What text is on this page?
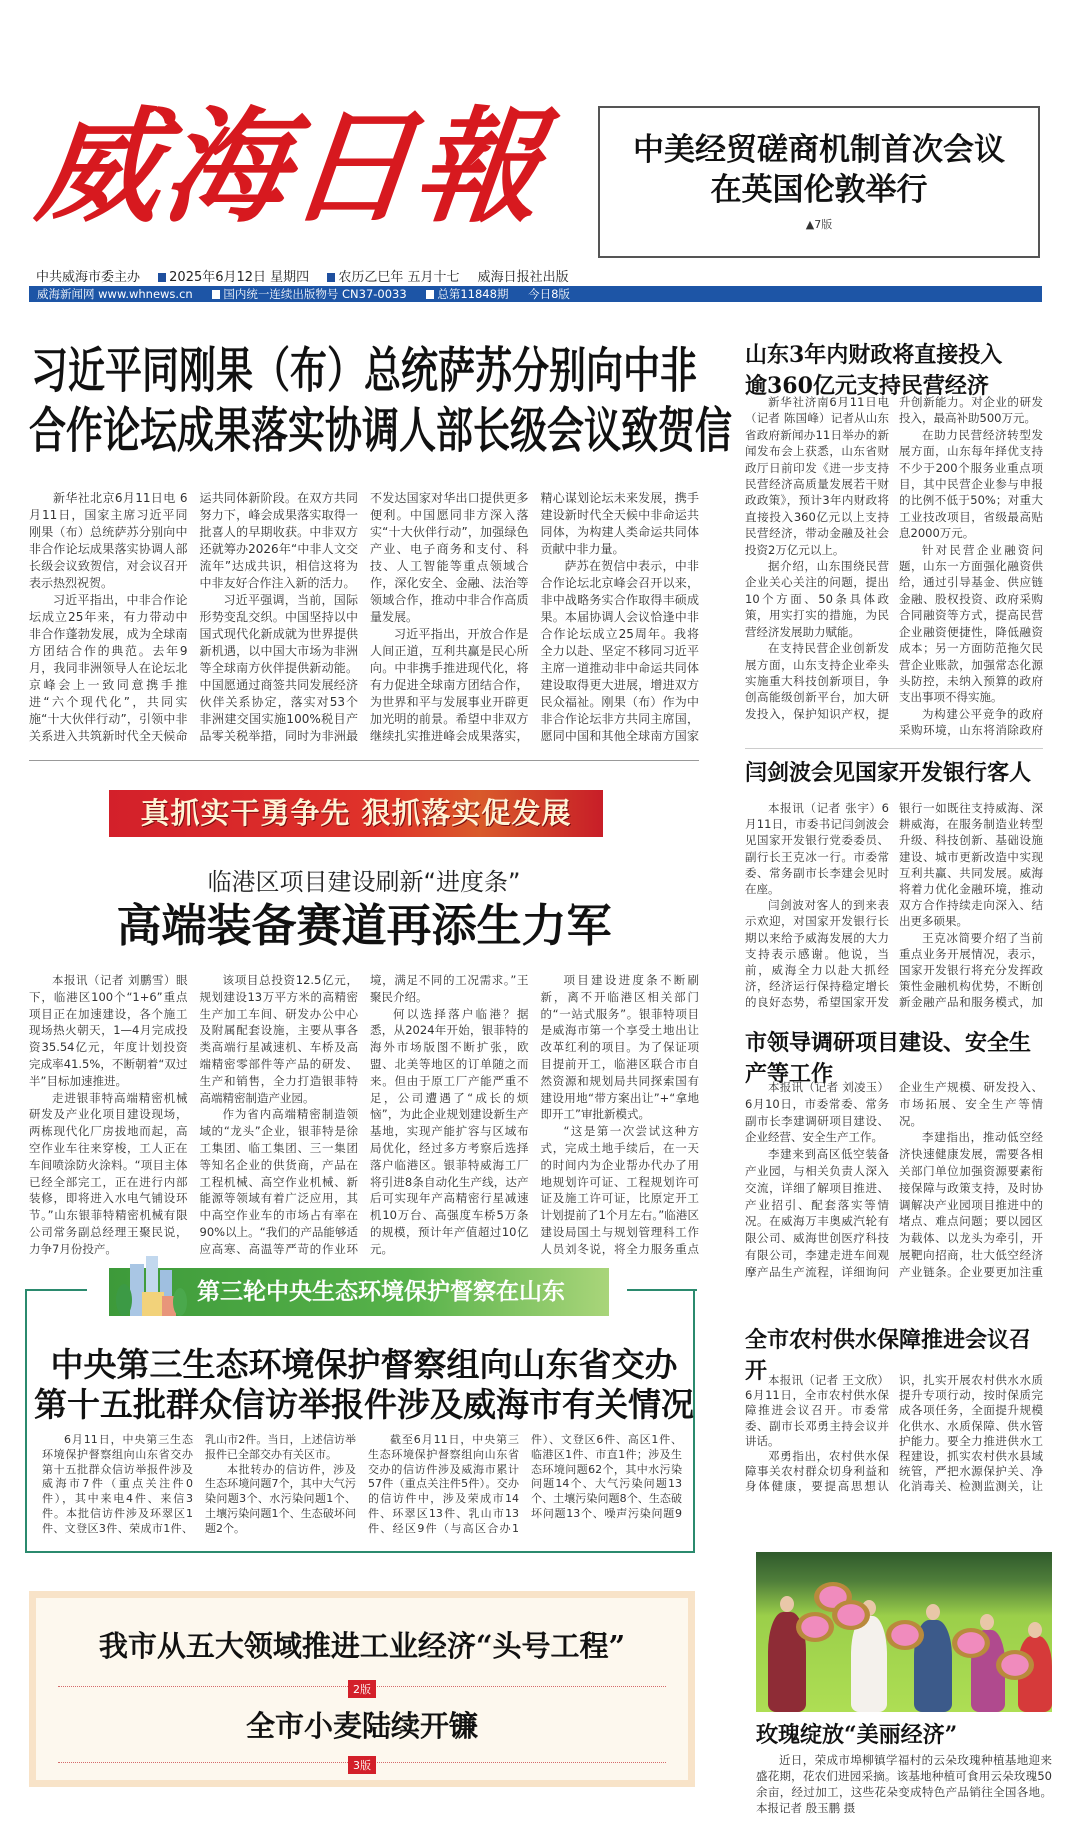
威海日報	中美经贸磋商机制首次会议
在英国伦敦举行
▲7版
中共威海市委主办 2025年6月12日 星期四 农历乙巳年 五月十七 威海日报社出版
威海新闻网 www.whnews.cn	国内统一连续出版物号 CN37-0033	总第11848期 今日8版
习近平同刚果（布）总统萨苏分别向中非
合作论坛成果落实协调人部长级会议致贺信

新华社北京6月11日电 6月11日，国家主席习近平同刚果（布）总统萨苏分别向中非合作论坛成果落实协调人部长级会议致贺信，对会议召开表示热烈祝贺。

习近平指出，中非合作论坛成立25年来，有力带动中非合作蓬勃发展，成为全球南方团结合作的典范。去年9月，我同非洲领导人在论坛北京峰会上一致同意携手推进“六个现代化”，共同实施“十大伙伴行动”，引领中非关系进入共筑新时代全天候命运共同体新阶段。在双方共同努力下，峰会成果落实取得一批喜人的早期收获。中非双方还就筹办2026年“中非人文交流年”达成共识，相信这将为中非友好合作注入新的活力。

习近平强调，当前，国际形势变乱交织。中国坚持以中国式现代化新成就为世界提供新机遇，以中国大市场为非洲等全球南方伙伴提供新动能。中国愿通过商签共同发展经济伙伴关系协定，落实对53个非洲建交国实施100%税目产品零关税举措，同时为非洲最不发达国家对华出口提供更多便利。中国愿同非方深入落实“十大伙伴行动”，加强绿色产业、电子商务和支付、科技、人工智能等重点领域合作，深化安全、金融、法治等领域合作，推动中非合作高质量发展。

习近平指出，开放合作是人间正道，互利共赢是民心所向。中非携手推进现代化，将有力促进全球南方团结合作，为世界和平与发展事业开辟更加光明的前景。希望中非双方继续扎实推进峰会成果落实，精心谋划论坛未来发展，携手建设新时代全天候中非命运共同体，为构建人类命运共同体贡献中非力量。

萨苏在贺信中表示，中非合作论坛北京峰会召开以来，非中战略务实合作取得丰硕成果。本届协调人会议恰逢中非合作论坛成立25周年。我将全力以赴、坚定不移同习近平主席一道推动非中命运共同体建设取得更大进展，增进双方民众福祉。刚果（布）作为中非合作论坛非方共同主席国，愿同中国和其他全球南方国家

真抓实干勇争先 狠抓落实促发展
临港区项目建设刷新“进度条”
高端装备赛道再添生力军

本报讯（记者 刘鹏雪）眼下，临港区100个“1+6”重点项目正在加速建设，各个施工现场热火朝天，1—4月完成投资35.54亿元，年度计划投资完成率41.5%，不断朝着“双过半”目标加速推进。

走进银菲特高端精密机械研发及产业化项目建设现场，两栋现代化厂房拔地而起，高空作业车往来穿梭，工人正在车间喷涂防火涂料。“项目主体已经全部完工，正在进行内部装修，即将进入水电气铺设环节。”山东银菲特精密机械有限公司常务副总经理王聚民说，力争7月份投产。

该项目总投资12.5亿元，规划建设13万平方米的高精密生产加工车间、研发办公中心及附属配套设施，主要从事各类高端行星减速机、车桥及高端精密零部件等产品的研发、生产和销售，全力打造银菲特高端精密制造产业园。

作为省内高端精密制造领域的“龙头”企业，银菲特是徐工集团、临工集团、三一集团等知名企业的供货商，产品在工程机械、高空作业机械、新能源等领域有着广泛应用，其中高空作业车的市场占有率在90%以上。“我们的产品能够适应高寒、高温等严苛的作业环境，满足不同的工况需求。”王聚民介绍。

何以选择落户临港？据悉，从2024年开始，银菲特的海外市场版图不断扩张，欧盟、北美等地区的订单随之而来。但由于原工厂产能严重不足，公司遭遇了“成长的烦恼”，为此企业规划建设新生产基地，实现产能扩容与区域布局优化，经过多方考察后选择落户临港区。银菲特威海工厂将引进8条自动化生产线，达产后可实现年产高精密行星减速机10万台、高强度车桥5万条的规模，预计年产值超过10亿元。

项目建设进度条不断刷新，离不开临港区相关部门的“一站式服务”。银菲特项目是威海市第一个享受土地出让改革红利的项目。为了保证项目提前开工，临港区联合市自然资源和规划局共同探索国有建设用地“带方案出让”+“拿地即开工”审批新模式。

“这是第一次尝试这种方式，完成土地手续后，在一天的时间内为企业帮办代办了用地规划许可证、工程规划许可证及施工许可证，比原定开工计划提前了1个月左右。”临港区建设局国土与规划管理科工作人员刘冬说，将全力服务重点

第三轮中央生态环境保护督察在山东
中央第三生态环境保护督察组向山东省交办
第十五批群众信访举报件涉及威海市有关情况

6月11日，中央第三生态环境保护督察组向山东省交办第十五批群众信访举报件涉及威海市7件（重点关注件0件），其中来电4件、来信3件。本批信访件涉及环翠区1件、文登区3件、荣成市1件、乳山市2件。当日，上述信访举报件已全部交办有关区市。

本批转办的信访件，涉及生态环境问题7个，其中大气污染问题3个、水污染问题1个、土壤污染问题1个、生态破坏问题2个。

截至6月11日，中央第三生态环境保护督察组向山东省交办的信访件涉及威海市累计57件（重点关注件5件）。交办的信访件中，涉及荣成市14件、环翠区13件、乳山市13件、经区9件（与高区合办1件）、文登区6件、高区1件、临港区1件、市直1件；涉及生态环境问题62个，其中水污染问题14个、大气污染问题13个、土壤污染问题8个、生态破坏问题13个、噪声污染问题9

我市从五大领域推进工业经济“头号工程”
2版
全市小麦陆续开镰
3版
山东3年内财政将直接投入
逾360亿元支持民营经济

新华社济南6月11日电（记者 陈国峰）记者从山东省政府新闻办11日举办的新闻发布会上获悉，山东省财政厅日前印发《进一步支持民营经济高质量发展若干财政政策》，预计3年内财政将直接投入360亿元以上支持民营经济，带动金融及社会投资2万亿元以上。

据介绍，山东围绕民营企业关心关注的问题，提出10个方面、50条具体政策，用实打实的措施，为民营经济发展助力赋能。

在支持民营企业创新发展方面，山东支持企业牵头实施重大科技创新项目，争创高能级创新平台，加大研发投入，保护知识产权，提升创新能力。对企业的研发投入，最高补助500万元。

在助力民营经济转型发展方面，山东每年择优支持不少于200个服务业重点项目，其中民营企业参与申报的比例不低于50%；对重大工业技改项目，省级最高贴息2000万元。

针对民营企业融资问题，山东一方面强化融资供给，通过引导基金、供应链金融、股权投资、政府采购合同融资等方式，提高民营企业融资便捷性，降低融资成本；另一方面防范拖欠民营企业账款，加强常态化源头防控，未纳入预算的政府支出事项不得实施。

为构建公平竞争的政府采购环境，山东将消除政府

闫剑波会见国家开发银行客人

本报讯（记者 张宇）6月11日，市委书记闫剑波会见国家开发银行党委委员、副行长王克冰一行。市委常委、常务副市长李建会见时在座。

闫剑波对客人的到来表示欢迎，对国家开发银行长期以来给予威海发展的大力支持表示感谢。他说，当前，威海全力以赴大抓经济，经济运行保持稳定增长的良好态势，希望国家开发银行一如既往支持威海、深耕威海，在服务制造业转型升级、科技创新、基础设施建设、城市更新改造中实现互利共赢、共同发展。威海将着力优化金融环境，推动双方合作持续走向深入、结出更多硕果。

王克冰简要介绍了当前重点业务开展情况，表示，国家开发银行将充分发挥政策性金融机构优势，不断创新金融产品和服务模式，加

市领导调研项目建设、安全生产等工作

本报讯（记者 刘凌玉）6月10日，市委常委、常务副市长李建调研项目建设、企业经营、安全生产工作。

李建来到高区低空装备产业园，与相关负责人深入交流，详细了解项目推进、产业招引、配套落实等情况。在威海万丰奥威汽轮有限公司、威海世创医疗科技有限公司，李建走进车间观摩产品生产流程，详细询问企业生产规模、研发投入、市场拓展、安全生产等情况。

李建指出，推动低空经济快速健康发展，需要各相关部门单位加强资源要素衔接保障与政策支持，及时协调解决产业园项目推进中的堵点、难点问题；要以园区为载体、以龙头为牵引，开展靶向招商，壮大低空经济产业链条。企业要更加注重

全市农村供水保障推进会议召开 本报讯（记者 王文欣）6月11日，全市农村供水保障推进会议召开。市委常委、副市长邓勇主持会议并讲话。

邓勇指出，农村供水保障事关农村群众切身利益和身体健康，要提高思想认识，扎实开展农村供水水质提升专项行动，按时保质完成各项任务，全面提升规模化供水、水质保障、供水管护能力。要全力推进供水工程建设，抓实农村供水县域统管，严把水源保护关、净化消毒关、检测监测关，让

玫瑰绽放“美丽经济”
近日，荣成市埠柳镇学福村的云朵玫瑰种植基地迎来盛花期，花农们进园采摘。该基地种植可食用云朵玫瑰50余亩，经过加工，这些花朵变成特色产品销往全国各地。本报记者 殷玉鹏 摄
